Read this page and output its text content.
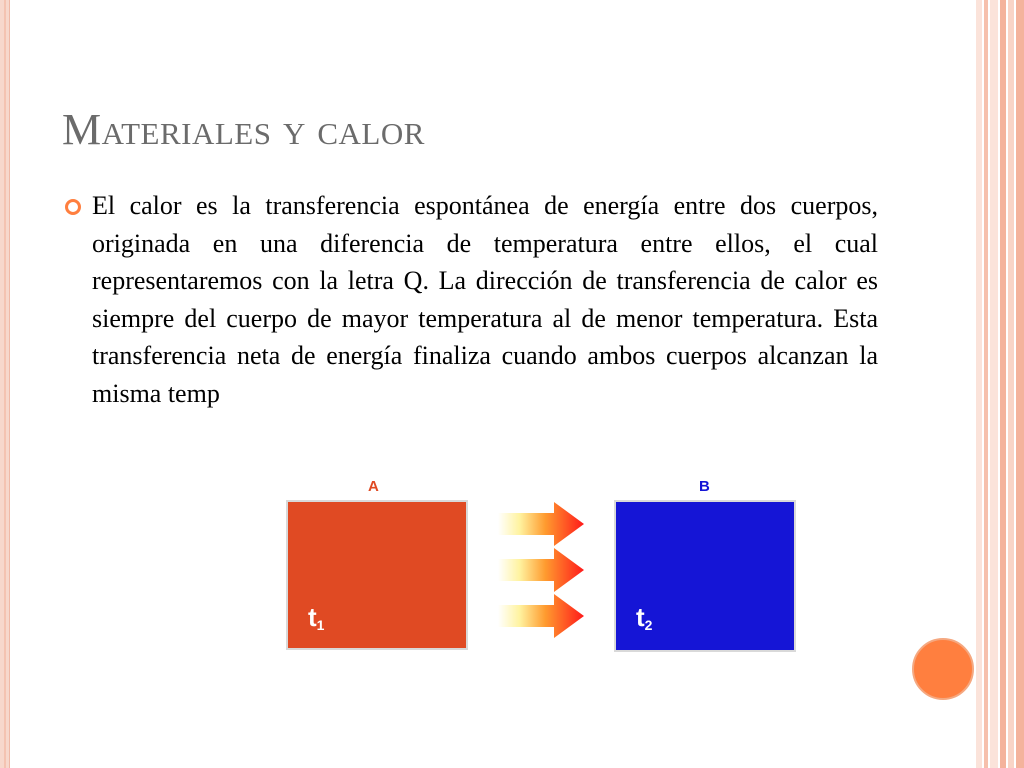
Materiales y calor

El calor es la transferencia espontánea de energía entre dos cuerpos, originada en una diferencia de temperatura entre ellos, el cual representaremos con la letra Q. La dirección de transferencia de calor es siempre del cuerpo de mayor temperatura al de menor temperatura. Esta transferencia neta de energía finaliza cuando ambos cuerpos alcanzan la misma temp

A	B
$t_1$	$t_2$
